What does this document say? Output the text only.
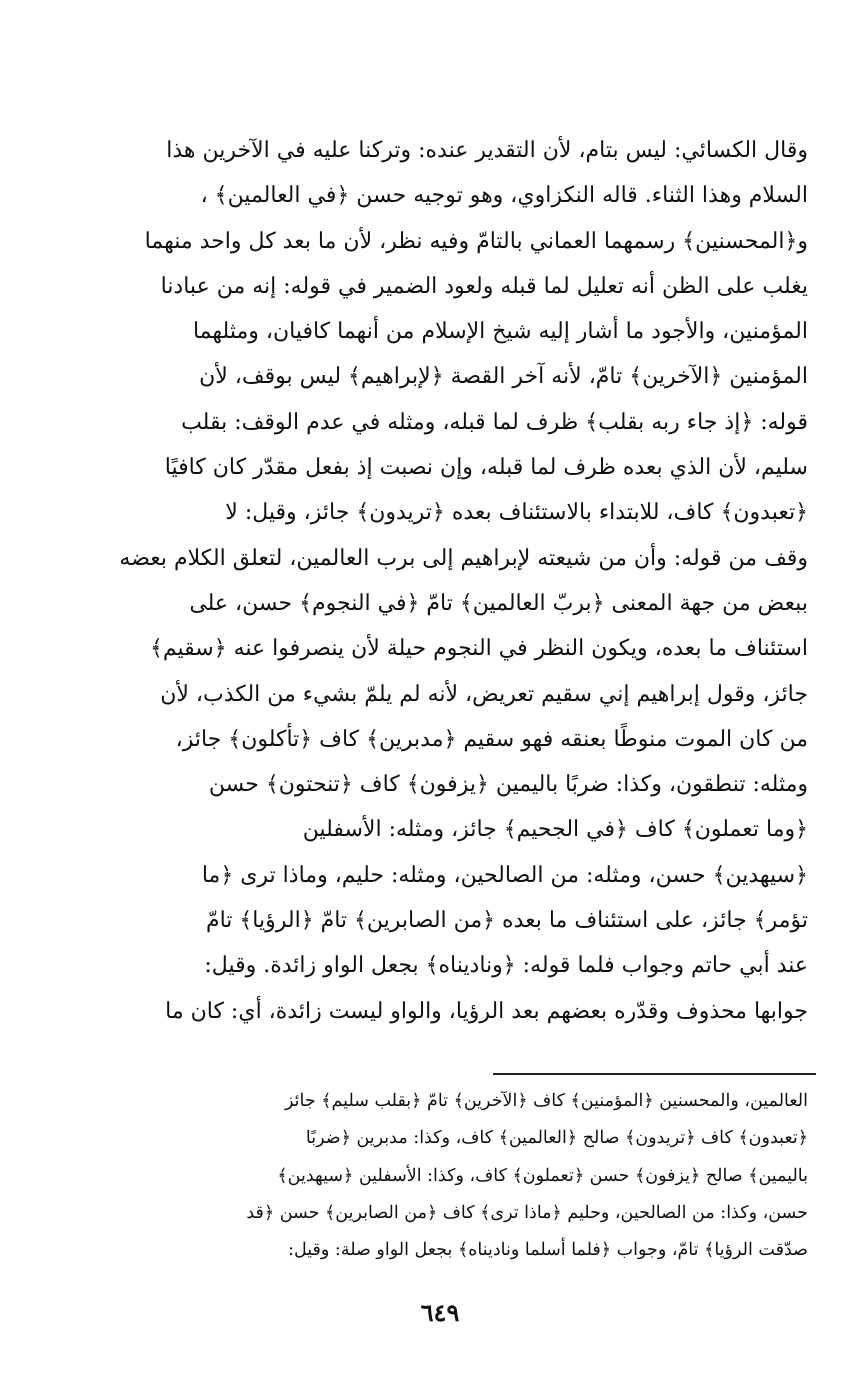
وقال الكسائي: ليس بتام، لأن التقدير عنده: وتركنا عليه في الآخرين هذا
السلام وهذا الثناء. قاله النكزاوي، وهو توجيه حسن ﴿في العالمين﴾ ،
و﴿المحسنين﴾ رسمهما العماني بالتامّ وفيه نظر، لأن ما بعد كل واحد منهما
يغلب على الظن أنه تعليل لما قبله ولعود الضمير في قوله: إنه من عبادنا
المؤمنين، والأجود ما أشار إليه شيخ الإسلام من أنهما كافيان، ومثلهما
المؤمنين ﴿الآخرين﴾ تامّ، لأنه آخر القصة ﴿لإبراهيم﴾ ليس بوقف، لأن
قوله: ﴿إذ جاء ربه بقلب﴾ ظرف لما قبله، ومثله في عدم الوقف: بقلب
سليم، لأن الذي بعده ظرف لما قبله، وإن نصبت إذ بفعل مقدّر كان كافيًا
﴿تعبدون﴾ كاف، للابتداء بالاستئناف بعده ﴿تريدون﴾ جائز، وقيل: لا
وقف من قوله: وأن من شيعته لإبراهيم إلى برب العالمين، لتعلق الكلام بعضه
ببعض من جهة المعنى ﴿بربّ العالمين﴾ تامّ ﴿في النجوم﴾ حسن، على
استئناف ما بعده، ويكون النظر في النجوم حيلة لأن ينصرفوا عنه ﴿سقيم﴾
جائز، وقول إبراهيم إني سقيم تعريض، لأنه لم يلمّ بشيء من الكذب، لأن
من كان الموت منوطًا بعنقه فهو سقيم ﴿مدبرين﴾ كاف ﴿تأكلون﴾ جائز،
ومثله: تنطقون، وكذا: ضربًا باليمين ﴿يزفون﴾ كاف ﴿تنحتون﴾ حسن
﴿وما تعملون﴾ كاف ﴿في الجحيم﴾ جائز، ومثله: الأسفلين
﴿سيهدين﴾ حسن، ومثله: من الصالحين، ومثله: حليم، وماذا ترى ﴿ما
تؤمر﴾ جائز، على استئناف ما بعده ﴿من الصابرين﴾ تامّ ﴿الرؤيا﴾ تامّ
عند أبي حاتم وجواب فلما قوله: ﴿وناديناه﴾ بجعل الواو زائدة. وقيل:
جوابها محذوف وقدّره بعضهم بعد الرؤيا، والواو ليست زائدة، أي: كان ما
العالمين، والمحسنين ﴿المؤمنين﴾ كاف ﴿الآخرين﴾ تامّ ﴿بقلب سليم﴾ جائز
﴿تعبدون﴾ كاف ﴿تريدون﴾ صالح ﴿العالمين﴾ كاف، وكذا: مدبرين ﴿ضربًا
باليمين﴾ صالح ﴿يزفون﴾ حسن ﴿تعملون﴾ كاف، وكذا: الأسفلين ﴿سيهدين﴾
حسن، وكذا: من الصالحين، وحليم ﴿ماذا ترى﴾ كاف ﴿من الصابرين﴾ حسن ﴿قد
صدّقت الرؤيا﴾ تامّ، وجواب ﴿فلما أسلما وناديناه﴾ بجعل الواو صلة: وقيل:
٦٤٩
